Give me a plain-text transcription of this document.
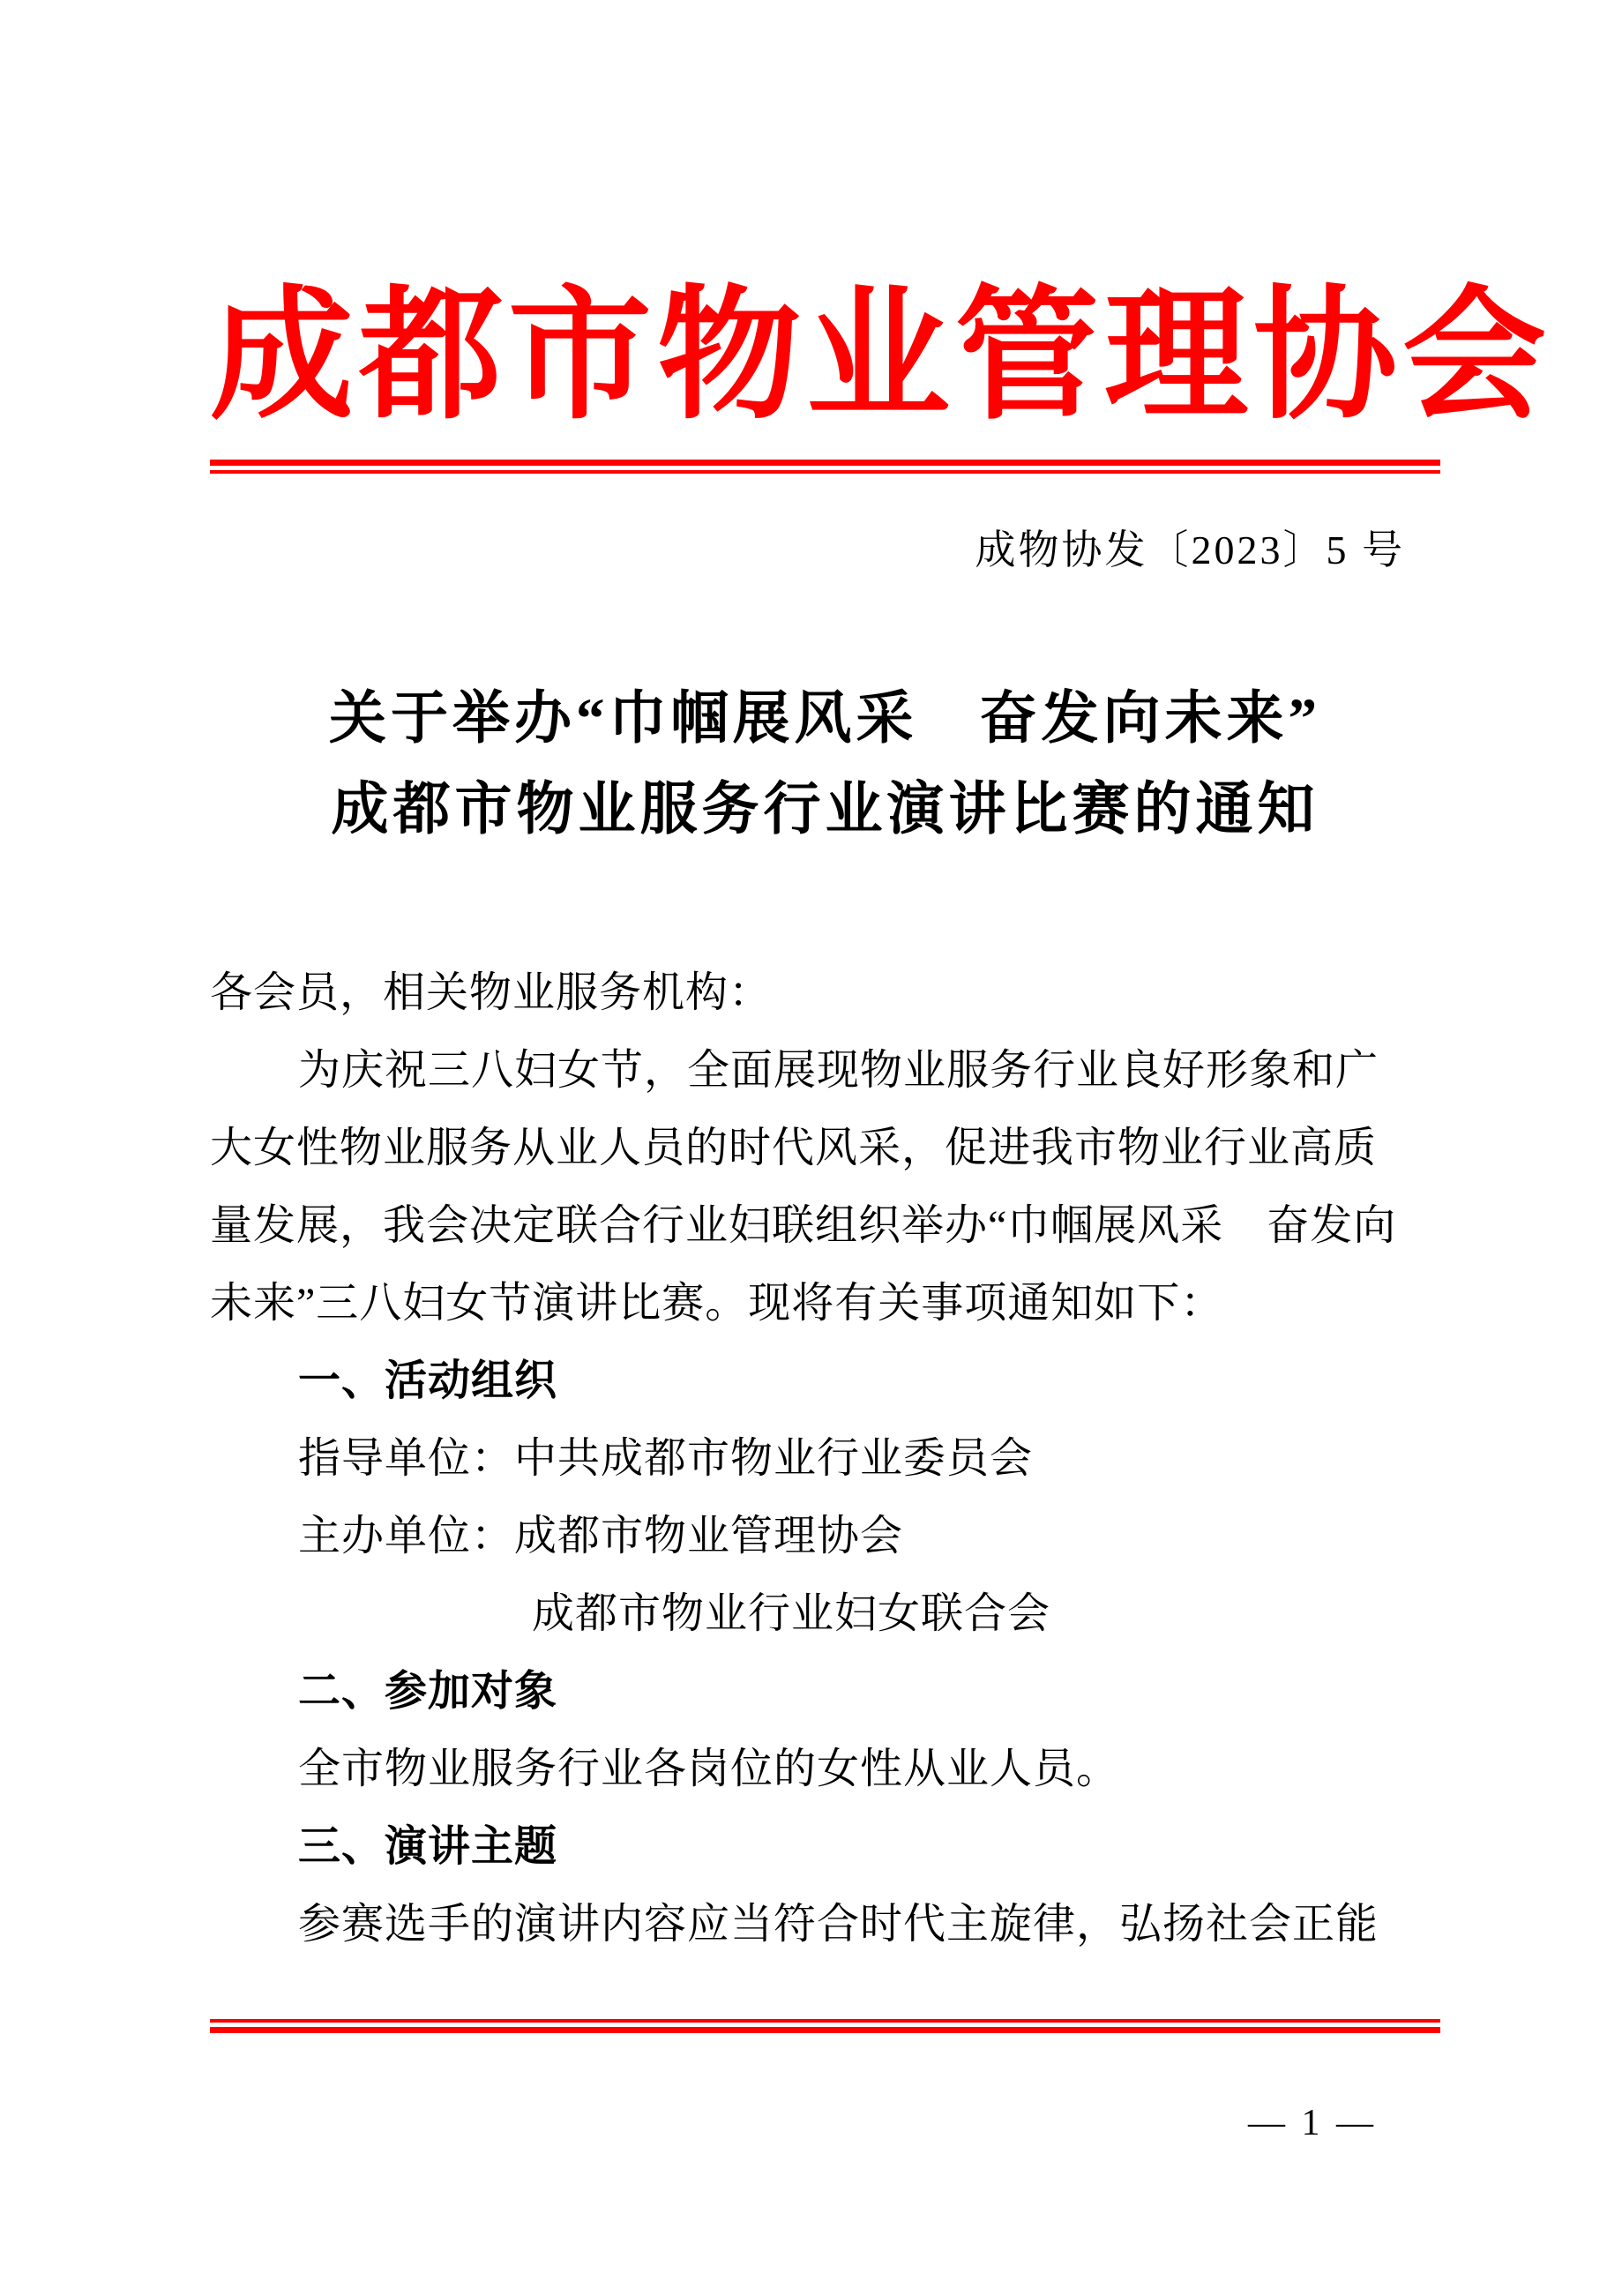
成都市物业管理协会
成物协发〔2023〕5 号
关于举办“巾帼展风采　奋发向未来”
成都市物业服务行业演讲比赛的通知
各会员，相关物业服务机构：
为庆祝三八妇女节，全面展现物业服务行业良好形象和广
大女性物业服务从业人员的时代风采，促进我市物业行业高质
量发展，我会决定联合行业妇联组织举办“巾帼展风采　奋发向
未来”三八妇女节演讲比赛。现将有关事项通知如下：
一、活动组织
指导单位：中共成都市物业行业委员会
主办单位：成都市物业管理协会
成都市物业行业妇女联合会
二、参加对象
全市物业服务行业各岗位的女性从业人员。
三、演讲主题
参赛选手的演讲内容应当符合时代主旋律，弘扬社会正能
— 1 —
